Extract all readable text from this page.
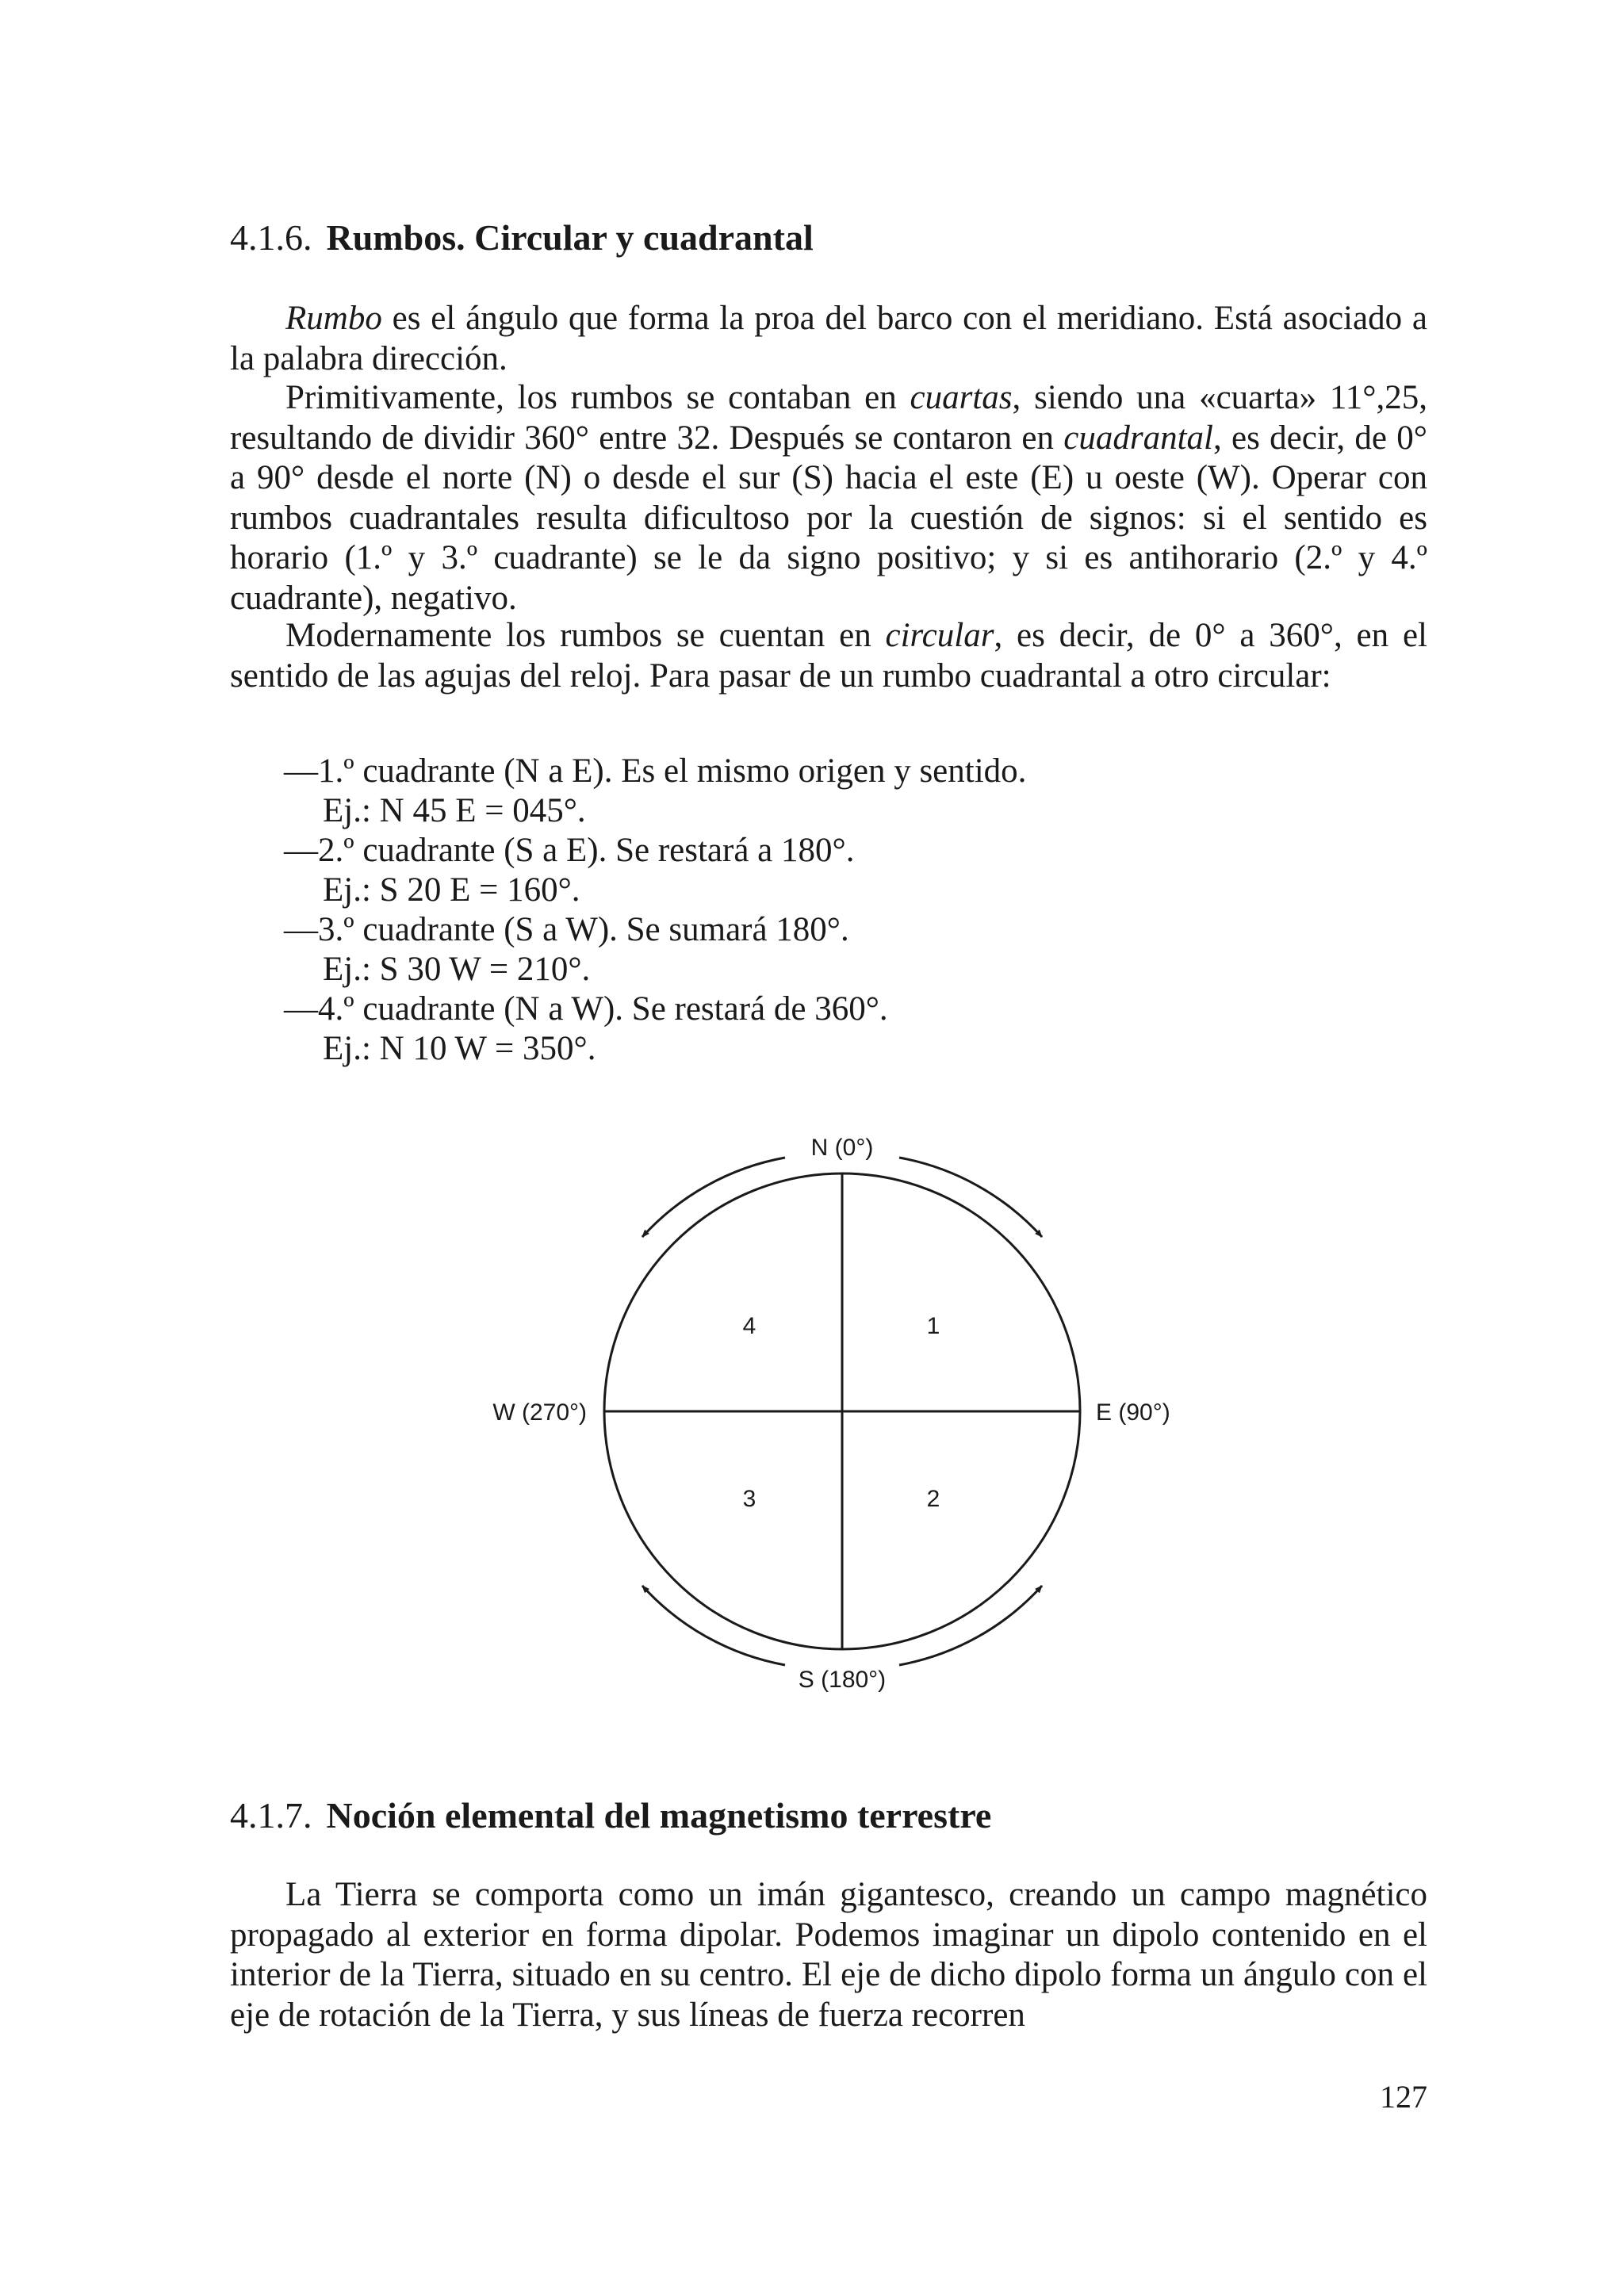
4.1.6. Rumbos. Circular y cuadrantal
Rumbo es el ángulo que forma la proa del barco con el meridiano. Está asociado a la palabra dirección.
Primitivamente, los rumbos se contaban en cuartas, siendo una «cuarta» 11°,25, resultando de dividir 360° entre 32. Después se contaron en cuadrantal, es decir, de 0° a 90° desde el norte (N) o desde el sur (S) hacia el este (E) u oeste (W). Operar con rumbos cuadrantales resulta dificultoso por la cuestión de signos: si el sentido es horario (1.º y 3.º cuadrante) se le da signo positivo; y si es antihorario (2.º y 4.º cuadrante), negativo.
Modernamente los rumbos se cuentan en circular, es decir, de 0° a 360°, en el sentido de las agujas del reloj. Para pasar de un rumbo cuadrantal a otro circular:
—1.º cuadrante (N a E). Es el mismo origen y sentido.
Ej.: N 45 E = 045°.
—2.º cuadrante (S a E). Se restará a 180°.
Ej.: S 20 E = 160°.
—3.º cuadrante (S a W). Se sumará 180°.
Ej.: S 30 W = 210°.
—4.º cuadrante (N a W). Se restará de 360°.
Ej.: N 10 W = 350°.
4.1.7. Noción elemental del magnetismo terrestre
La Tierra se comporta como un imán gigantesco, creando un campo magnético propagado al exterior en forma dipolar. Podemos imaginar un dipolo contenido en el interior de la Tierra, situado en su centro. El eje de dicho dipolo forma un ángulo con el eje de rotación de la Tierra, y sus líneas de fuerza recorren
N (0°)
E (90°)
S (180°)
W (270°)
1
2
3
4
127
